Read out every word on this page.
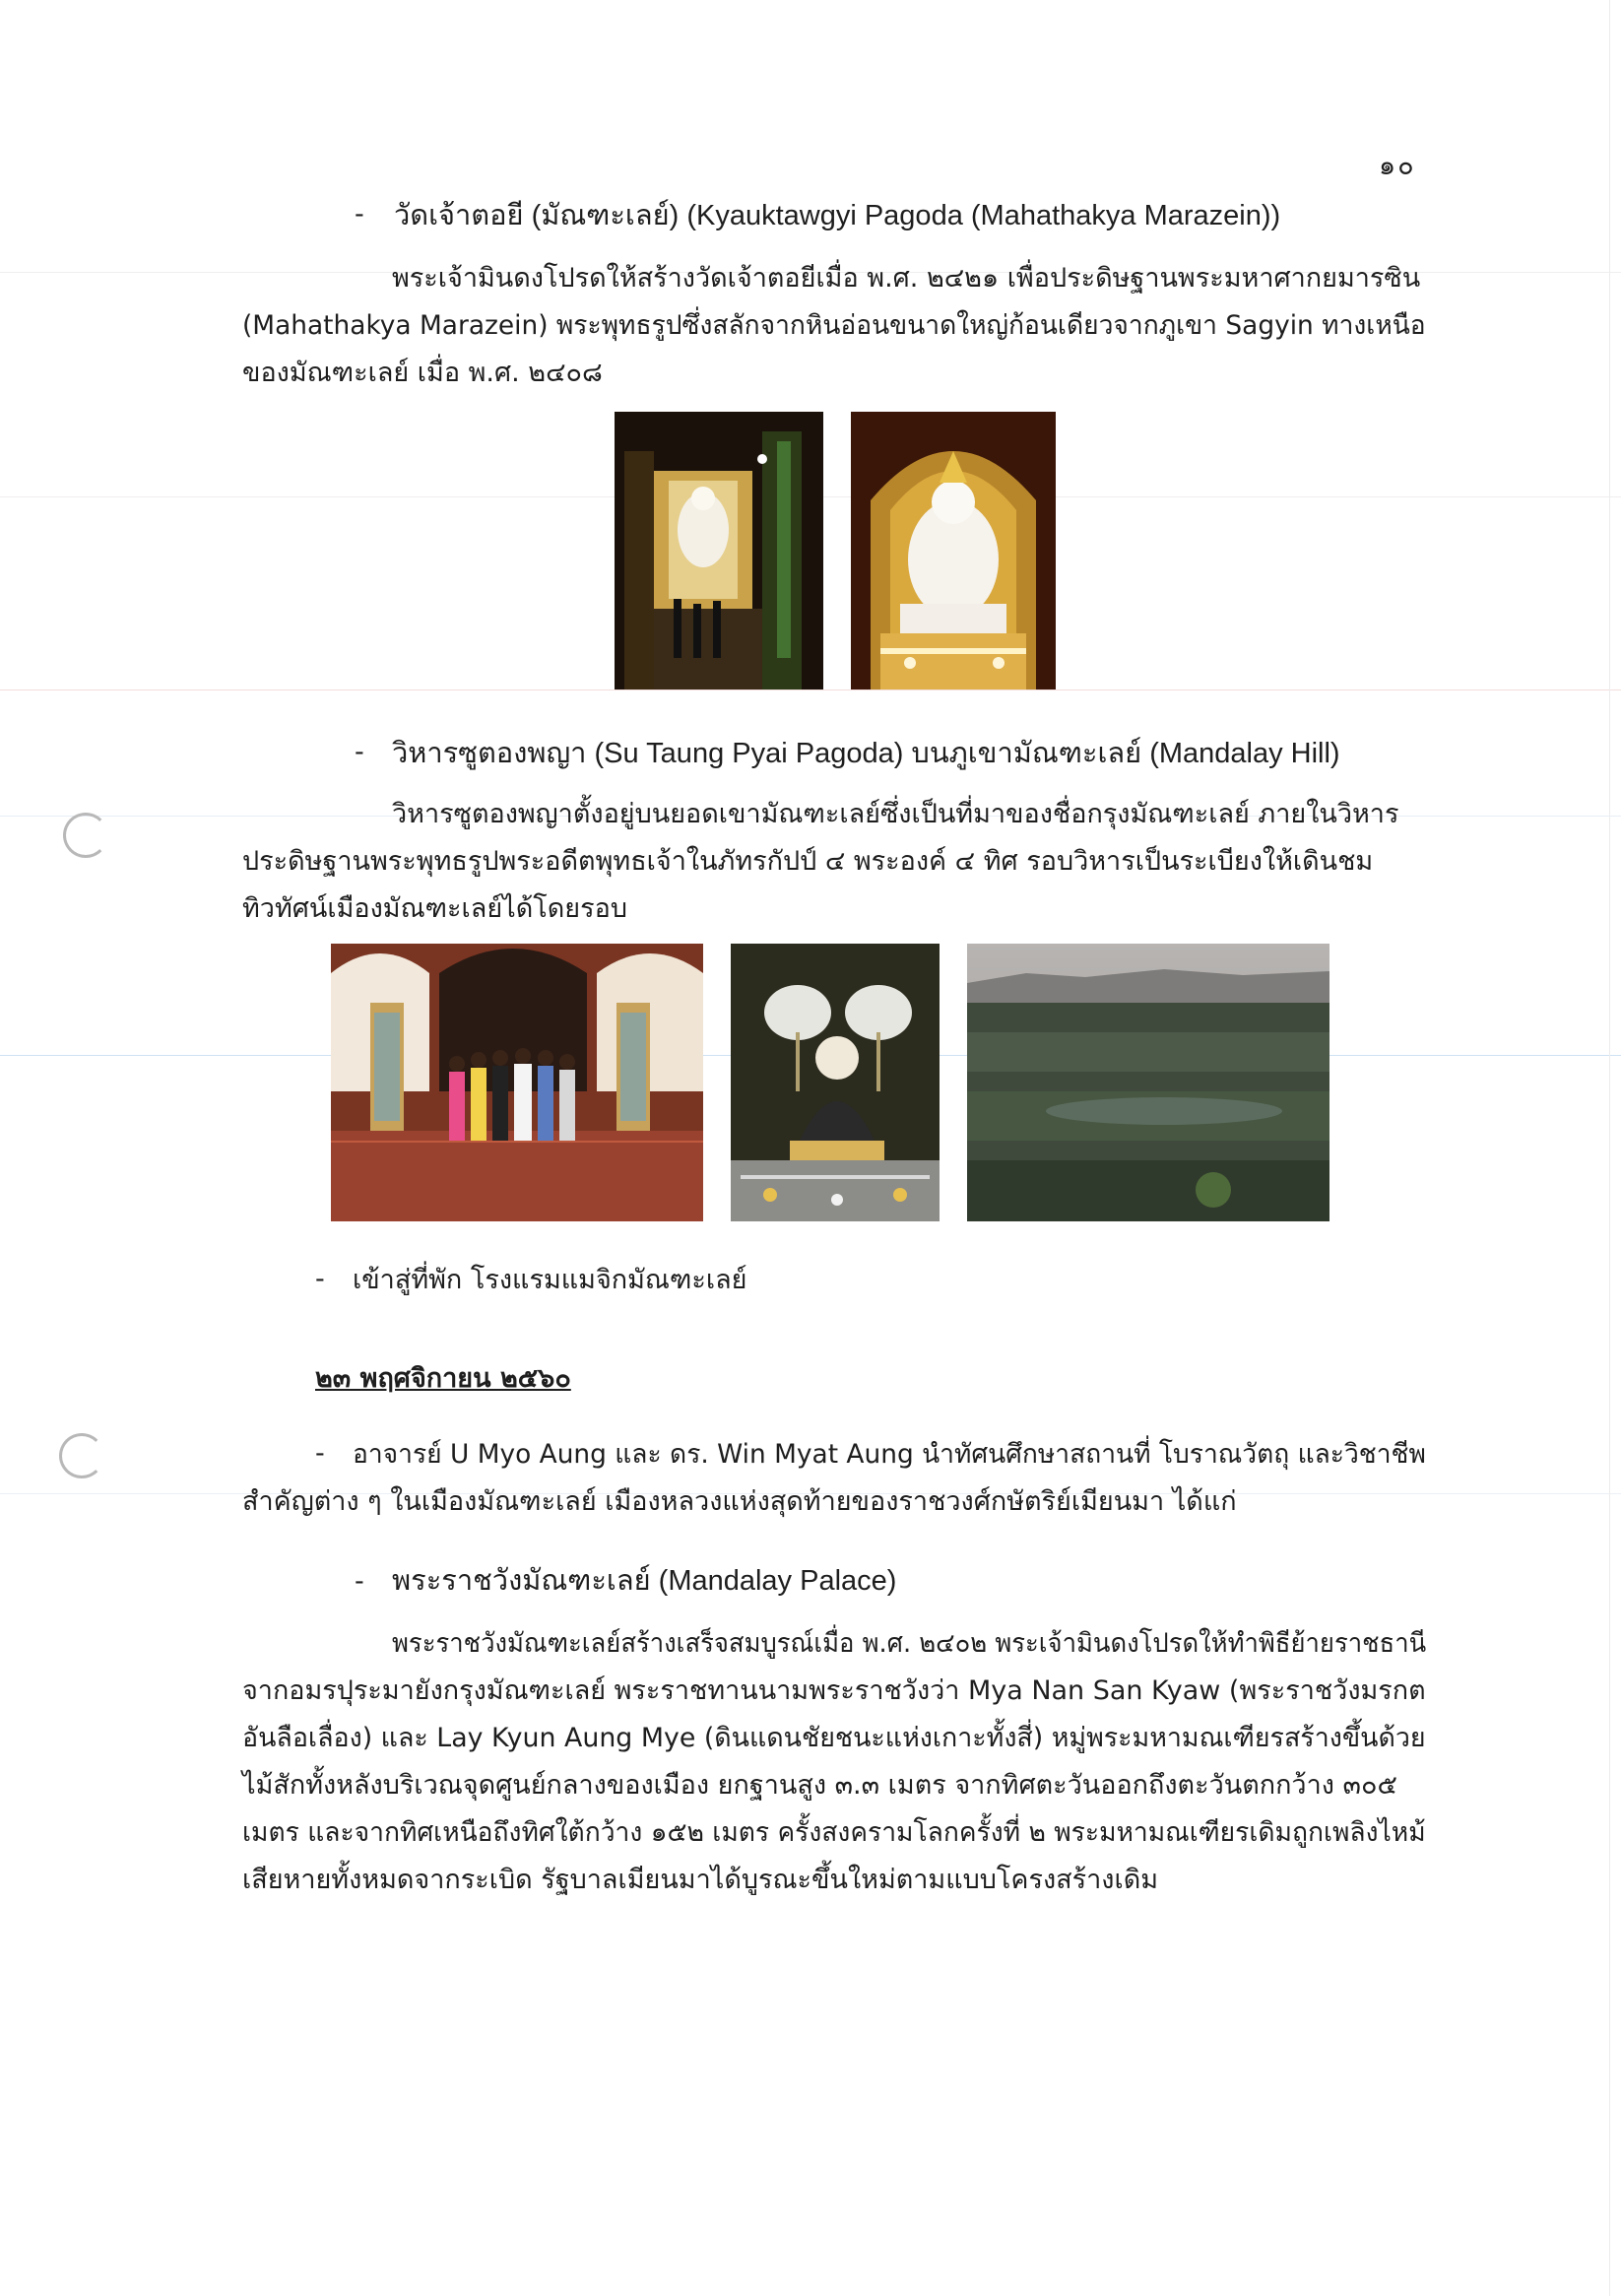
๑๐
- วัดเจ้าตอยี (มัณฑะเลย์) (Kyauktawgyi Pagoda (Mahathakya Marazein))
พระเจ้ามินดงโปรดให้สร้างวัดเจ้าตอยีเมื่อ พ.ศ. ๒๔๒๑ เพื่อประดิษฐานพระมหาศากยมารซิน
(Mahathakya Marazein) พระพุทธรูปซึ่งสลักจากหินอ่อนขนาดใหญ่ก้อนเดียวจากภูเขา Sagyin ทางเหนือ
ของมัณฑะเลย์ เมื่อ พ.ศ. ๒๔๐๘
- วิหารซูตองพญา (Su Taung Pyai Pagoda) บนภูเขามัณฑะเลย์ (Mandalay Hill)
วิหารซูตองพญาตั้งอยู่บนยอดเขามัณฑะเลย์ซึ่งเป็นที่มาของชื่อกรุงมัณฑะเลย์ ภายในวิหาร
ประดิษฐานพระพุทธรูปพระอดีตพุทธเจ้าในภัทรกัปป์ ๔ พระองค์ ๔ ทิศ รอบวิหารเป็นระเบียงให้เดินชม
ทิวทัศน์เมืองมัณฑะเลย์ได้โดยรอบ
- เข้าสู่ที่พัก โรงแรมแมจิกมัณฑะเลย์
๒๓ พฤศจิกายน ๒๕๖๐
- อาจารย์ U Myo Aung และ ดร. Win Myat Aung นำทัศนศึกษาสถานที่ โบราณวัตถุ และวิชาชีพ
สำคัญต่าง ๆ ในเมืองมัณฑะเลย์ เมืองหลวงแห่งสุดท้ายของราชวงศ์กษัตริย์เมียนมา ได้แก่
- พระราชวังมัณฑะเลย์ (Mandalay Palace)
พระราชวังมัณฑะเลย์สร้างเสร็จสมบูรณ์เมื่อ พ.ศ. ๒๔๐๒ พระเจ้ามินดงโปรดให้ทำพิธีย้ายราชธานี
จากอมรปุระมายังกรุงมัณฑะเลย์ พระราชทานนามพระราชวังว่า Mya Nan San Kyaw (พระราชวังมรกต
อันลือเลื่อง) และ Lay Kyun Aung Mye (ดินแดนชัยชนะแห่งเกาะทั้งสี่) หมู่พระมหามณเฑียรสร้างขึ้นด้วย
ไม้สักทั้งหลังบริเวณจุดศูนย์กลางของเมือง ยกฐานสูง ๓.๓ เมตร จากทิศตะวันออกถึงตะวันตกกว้าง ๓๐๕
เมตร และจากทิศเหนือถึงทิศใต้กว้าง ๑๕๒ เมตร ครั้งสงครามโลกครั้งที่ ๒ พระมหามณเฑียรเดิมถูกเพลิงไหม้
เสียหายทั้งหมดจากระเบิด รัฐบาลเมียนมาได้บูรณะขึ้นใหม่ตามแบบโครงสร้างเดิม
